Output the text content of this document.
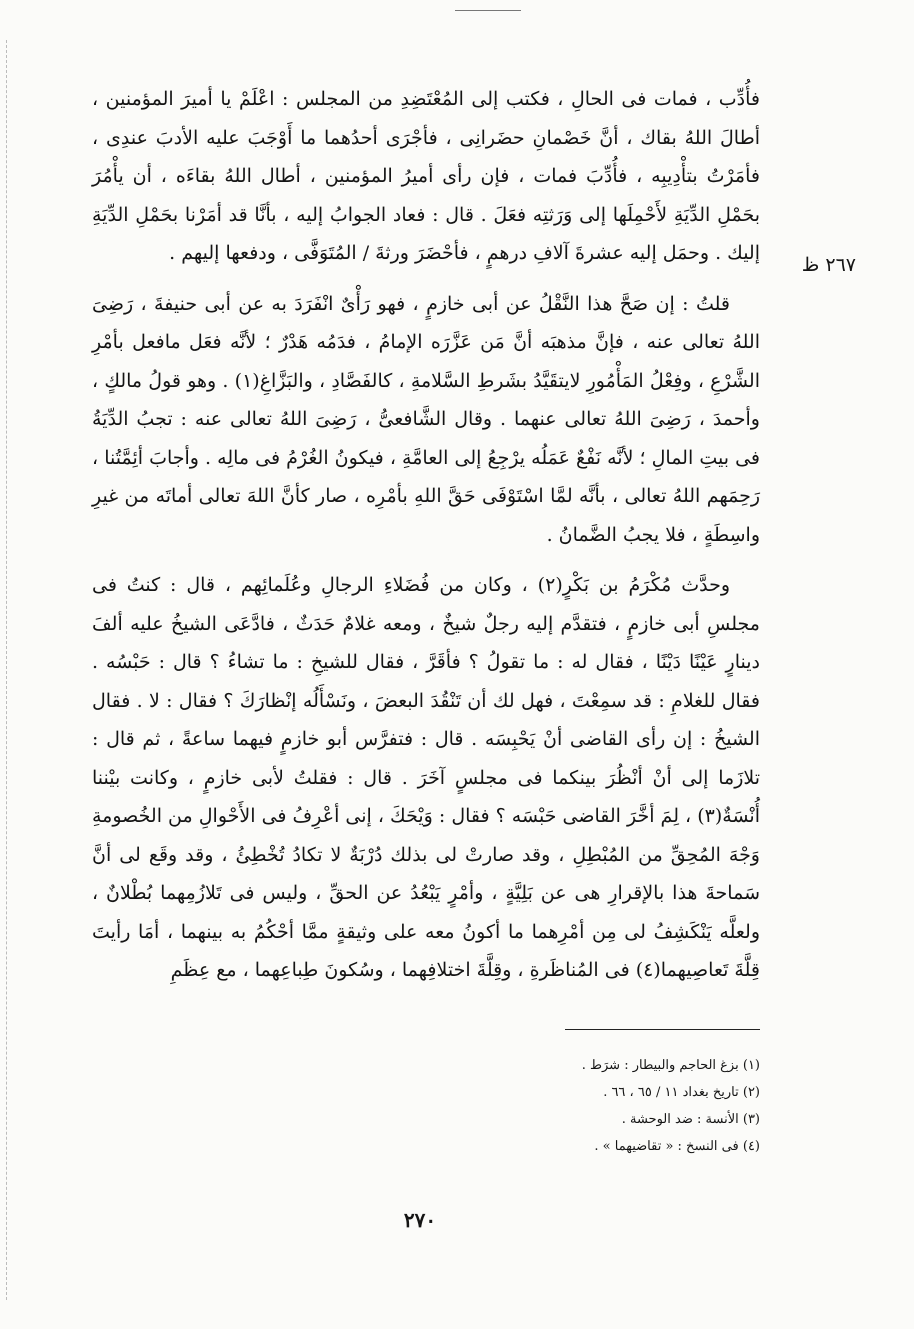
٢٦٧ ظ

فأُدِّب ، فمات فى الحالِ ، فكتب إلى المُعْتَضِدِ من المجلس : اعْلَمْ يا أميرَ المؤمنين ، أطالَ اللهُ بقاك ، أنَّ خَصْمانِ حضَرانِى ، فأجْرَى أحدُهما ما أَوْجَبَ عليه الأدبَ عندِى ، فأمَرْتُ بتأْدِيبِه ، فأُدِّبَ فمات ، فإن رأى أميرُ المؤمنين ، أطال اللهُ بقاءَه ، أن يأْمُرَ بحَمْلِ الدِّيَةِ لأَحْمِلَها إلى وَرَثتِه فعَلَ . قال : فعاد الجوابُ إليه ، بأنَّا قد أمَرْنا بحَمْلِ الدِّيَةِ إليك . وحمَل إليه عشرةَ آلافِ درهمٍ ، فأحْضَرَ ورثةَ / المُتَوَفَّى ، ودفعها إليهم .

قلتُ : إن صَحَّ هذا النَّقْلُ عن أبى خازمٍ ، فهو رَأْىٌ انْفَرَدَ به عن أبى حنيفةَ ، رَضِىَ اللهُ تعالى عنه ، فإنَّ مذهبَه أنَّ مَن عَزَّرَه الإمامُ ، فدَمُه هَدْرٌ ؛ لأنَّه فعَل مافعل بأمْرِ الشَّرْعِ ، وفِعْلُ المَأْمُورِ لايتقَيَّدُ بشَرطِ السَّلامةِ ، كالفَصَّادِ ، والبَزَّاغِ(١) . وهو قولُ مالكٍ ، وأحمدَ ، رَضِىَ اللهُ تعالى عنهما . وقال الشَّافعىُّ ، رَضِىَ اللهُ تعالى عنه : تجبُ الدِّيَةُ فى بيتِ المالِ ؛ لأنَّه نَفْعٌ عَمَلُه يرْجِعُ إلى العامَّةِ ، فيكونُ الغُرْمُ فى مالِه . وأجابَ أئِمَّتُنا ، رَحِمَهم اللهُ تعالى ، بأنَّه لمَّا اسْتَوْفَى حَقَّ اللهِ بأمْرِه ، صار كأنَّ اللهَ تعالى أماتَه من غيرِ واسِطَةٍ ، فلا يجبُ الضَّمانُ .

وحدَّث مُكْرَمُ بن بَكْرٍ(٢) ، وكان من فُضَلاءِ الرجالِ وعُلَمائِهم ، قال : كنتُ فى مجلسِ أبى خازمٍ ، فتقدَّم إليه رجلٌ شيخٌ ، ومعه غلامٌ حَدَثٌ ، فادَّعَى الشيخُ عليه ألفَ دينارٍ عَيْنًا دَيْنًا ، فقال له : ما تقولُ ؟ فأقَرَّ ، فقال للشيخِ : ما تشاءُ ؟ قال : حَبْسُه . فقال للغلامِ : قد سمِعْتَ ، فهل لك أن تَنْقُدَ البعضَ ، ونَسْأَلُه إنْظارَكَ ؟ فقال : لا . فقال الشيخُ : إن رأى القاضى أنْ يَحْبِسَه . قال : فتفرَّس أبو خازمٍ فيهما ساعةً ، ثم قال : تلازَما إلى أنْ أنْظُرَ بينكما فى مجلسٍ آخَرَ . قال : فقلتُ لأبى خازمٍ ، وكانت بيْننا أُنْسَةٌ(٣) ، لِمَ أخَّرَ القاضى حَبْسَه ؟ فقال : وَيْحَكَ ، إنى أعْرِفُ فى الأَحْوالِ من الخُصومةِ وَجْهَ المُحِقِّ من المُبْطِلِ ، وقد صارتْ لى بذلك دُرْبَةٌ لا تكادُ تُخْطِئُ ، وقد وقَع لى أنَّ سَماحةَ هذا بالإقرارِ هى عن بَلِيَّةٍ ، وأمْرٍ يَبْعُدُ عن الحقِّ ، وليس فى تَلازُمِهما بُطْلانٌ ، ولعلَّه يَنْكَشِفُ لى مِن أمْرِهما ما أكونُ معه على وثيقةٍ ممَّا أحْكُمُ به بينهما ، أمَا رأيتَ قِلَّةَ تَعاصِيهما(٤) فى المُناظَرةِ ، وقِلَّةَ اختلافِهما ، وسُكونَ طِباعِهما ، مع عِظَمِ

(١) بزغ الحاجم والبيطار : شرَط .
(٢) تاريخ بغداد ١١ / ٦٥ ، ٦٦ .
(٣) الأنسة : ضد الوحشة .
(٤) فى النسخ : « تقاضيهما » .
٢٧٠
